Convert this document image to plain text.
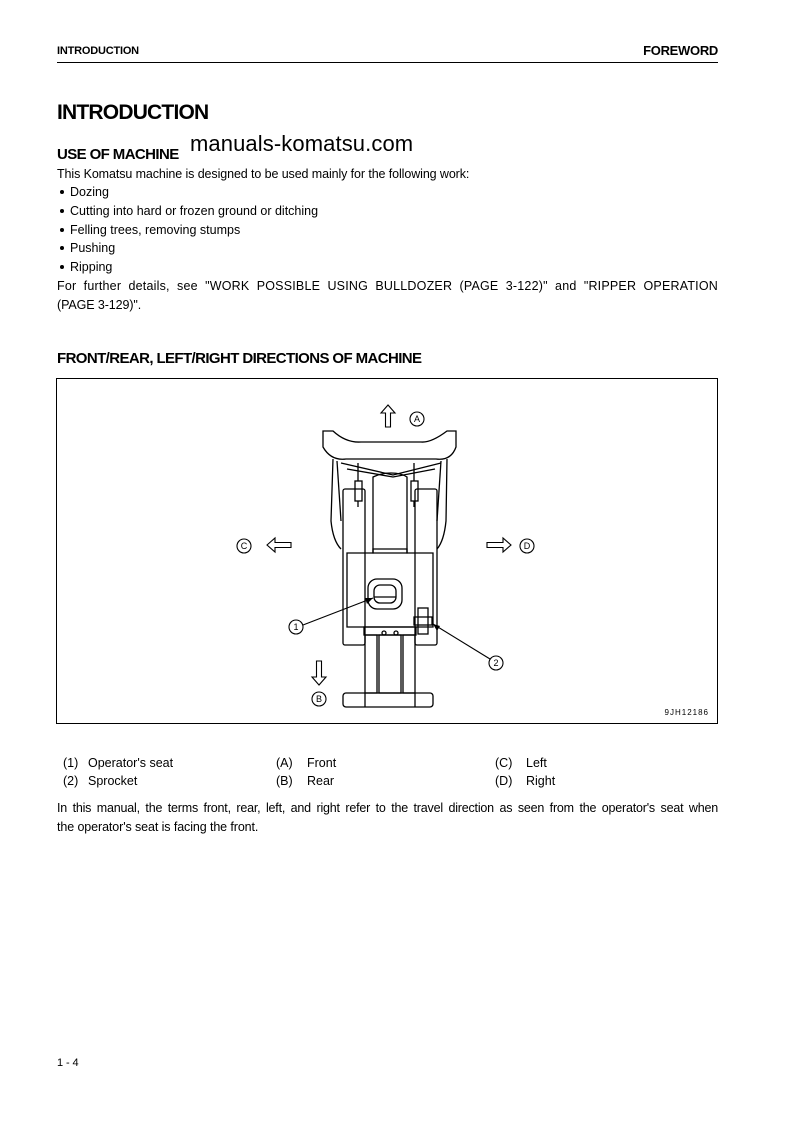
INTRODUCTION	FOREWORD
INTRODUCTION
USE OF MACHINE manuals-komatsu.com
This Komatsu machine is designed to be used mainly for the following work:
Dozing
Cutting into hard or frozen ground or ditching
Felling trees, removing stumps
Pushing
Ripping
For further details, see "WORK POSSIBLE USING BULLDOZER (PAGE 3-122)" and "RIPPER OPERATION
(PAGE 3-129)".
FRONT/REAR, LEFT/RIGHT DIRECTIONS OF MACHINE
A
B
C	D
1
2
9JH12186
(1) Operator's seat
(2) Sprocket
(A) Front
(B) Rear
(C) Left
(D) Right
In this manual, the terms front, rear, left, and right refer to the travel direction as seen from the operator's seat when
the operator's seat is facing the front.
1 - 4
